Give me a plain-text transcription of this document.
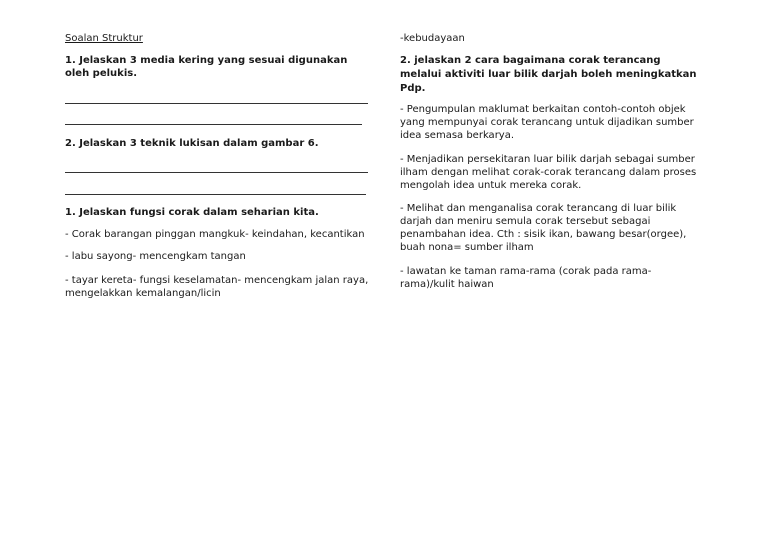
Soalan Struktur

1. Jelaskan 3 media kering yang sesuai digunakan oleh pelukis.

2. Jelaskan 3 teknik lukisan dalam gambar 6.

1. Jelaskan fungsi corak dalam seharian kita.

- Corak barangan pinggan mangkuk- keindahan, kecantikan

- labu sayong- mencengkam tangan

- tayar kereta- fungsi keselamatan- mencengkam jalan raya, mengelakkan kemalangan/licin

-kebudayaan

2. jelaskan 2 cara bagaimana corak terancang melalui aktiviti luar bilik darjah boleh meningkatkan Pdp.

- Pengumpulan maklumat berkaitan contoh-contoh objek yang mempunyai corak terancang untuk dijadikan sumber idea semasa berkarya.

- Menjadikan persekitaran luar bilik darjah sebagai sumber ilham dengan melihat corak-corak terancang dalam proses mengolah idea untuk mereka corak.

- Melihat dan menganalisa corak terancang di luar bilik darjah dan meniru semula corak tersebut sebagai penambahan idea. Cth : sisik ikan, bawang besar(orgee), buah nona= sumber ilham

- lawatan ke taman rama-rama (corak pada rama-rama)/kulit haiwan
